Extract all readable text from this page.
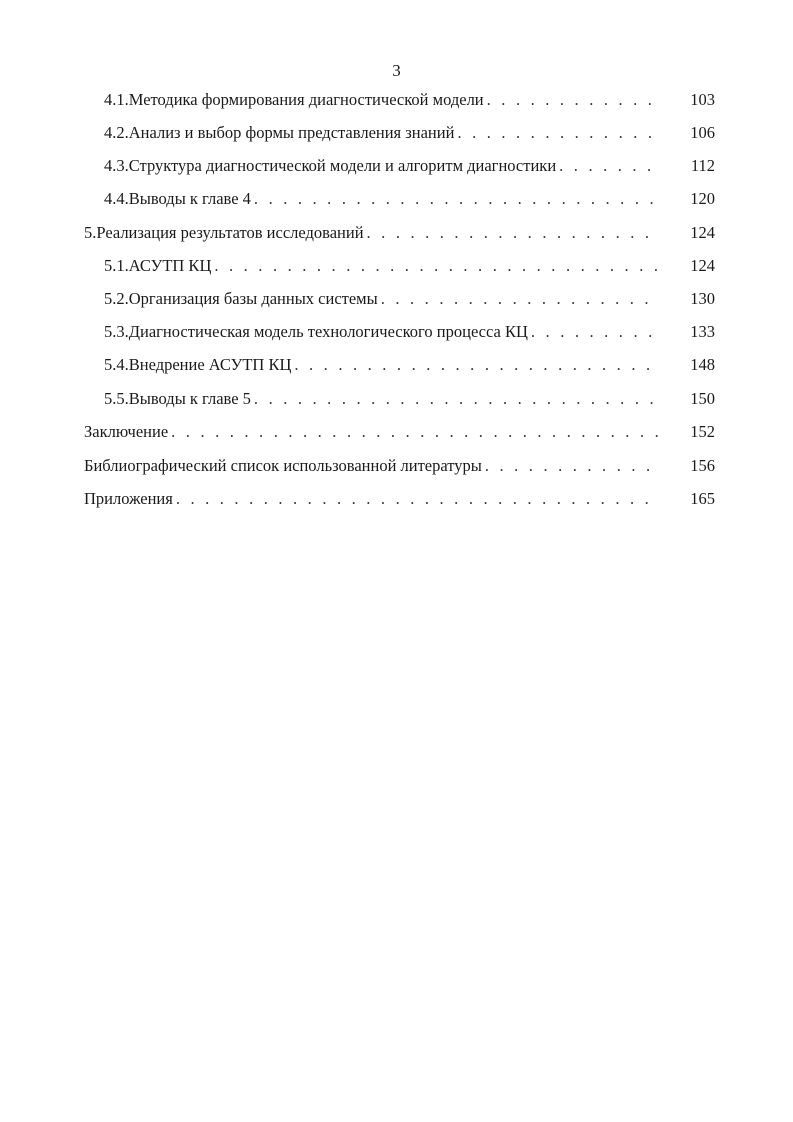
3
4.1.Методика формирования диагностической модели . . .	103
4.2.Анализ и выбор формы представления знаний . . .	106
4.3.Структура диагностической модели и алгоритм диагностики . . .	112
4.4.Выводы к главе 4 . . .	120
5.Реализация результатов исследований . . .	124
5.1.АСУТП КЦ . . .	124
5.2.Организация базы данных системы . . .	130
5.3.Диагностическая модель технологического процесса КЦ . . .	133
5.4.Внедрение АСУТП КЦ . . .	148
5.5.Выводы к главе 5 . . .	150
Заключение . . .	152
Библиографический список использованной литературы . . .	156
Приложения . . .	165
